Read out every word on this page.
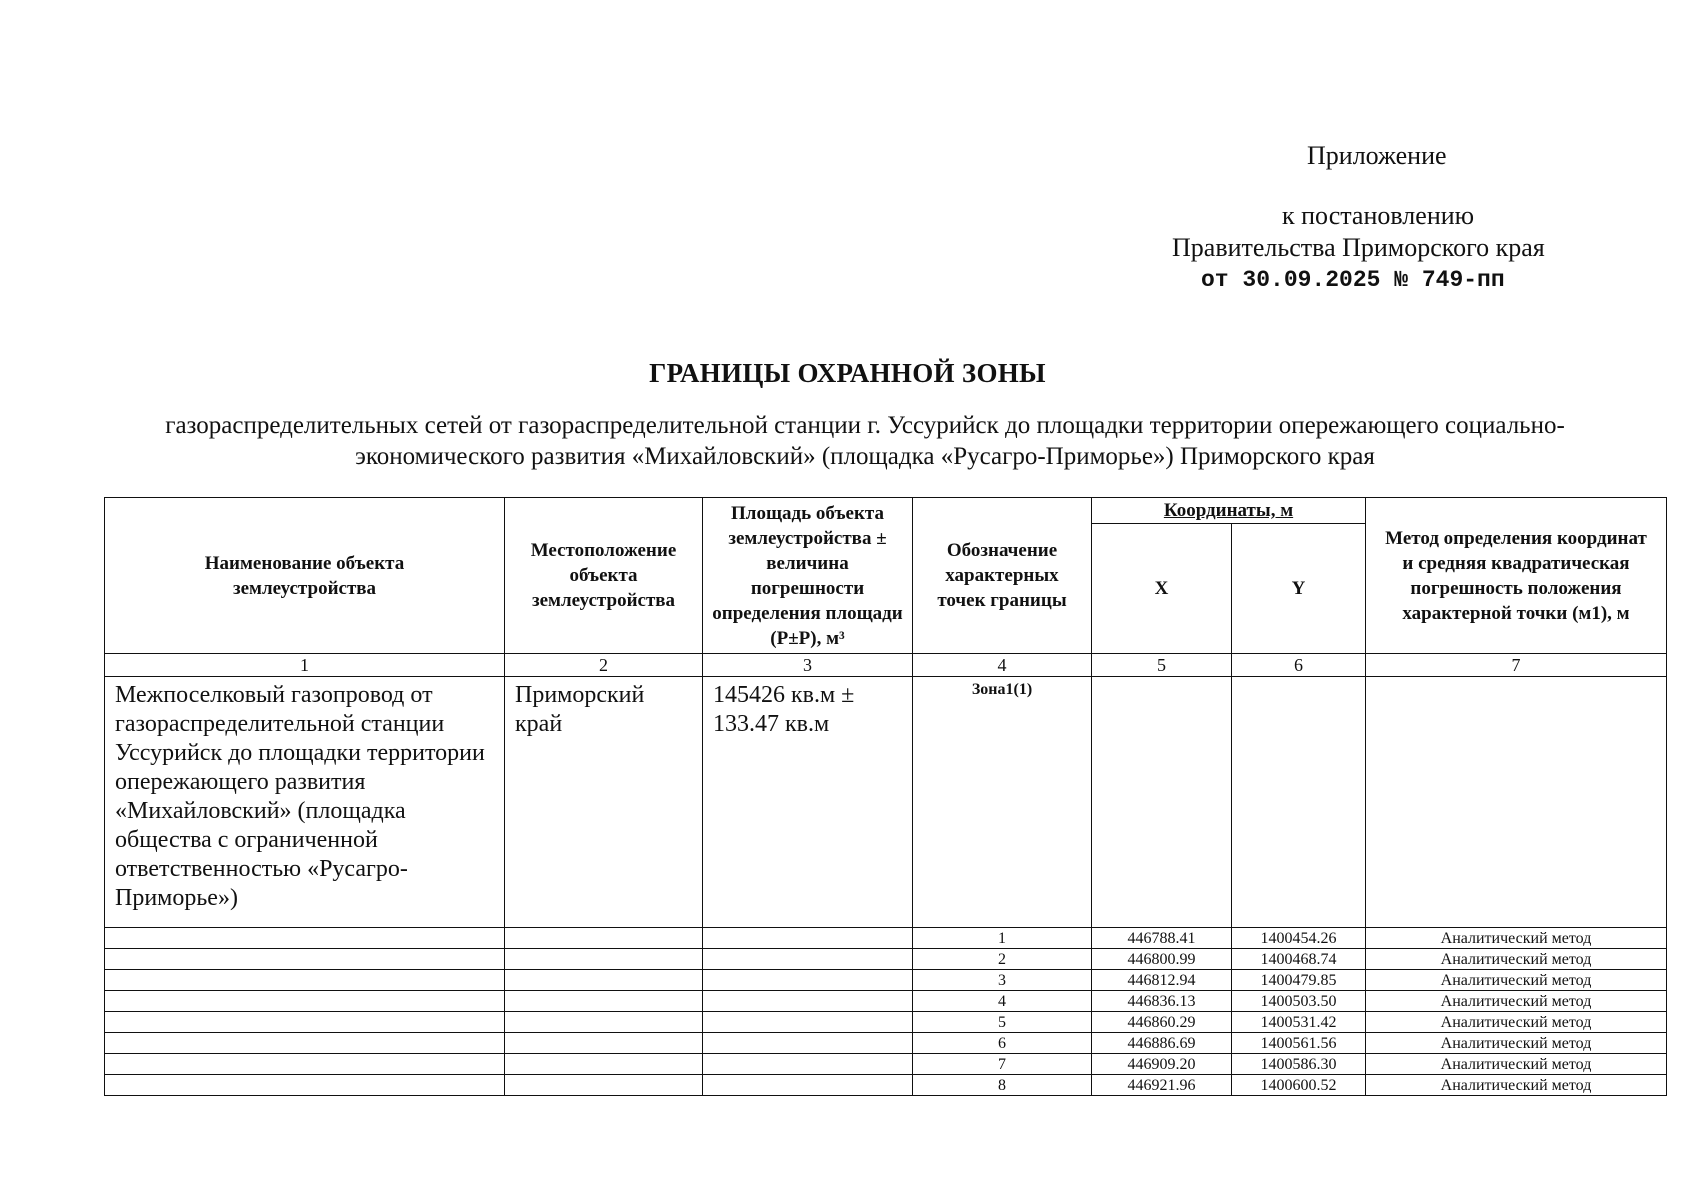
Приложение
к постановлению
Правительства Приморского края
от 30.09.2025 № 749-пп
ГРАНИЦЫ ОХРАННОЙ ЗОНЫ
газораспределительных сетей от газораспределительной станции г. Уссурийск до площадки территории опережающего социально-экономического развития «Михайловский» (площадка «Русагро-Приморье») Приморского края
Наименование объекта землеустройства	Местоположение объекта землеустройства	Площадь объекта землеустройства ± величина погрешности определения площади (P±P), м³	Обозначение характерных точек границы	Координаты, м		Метод определения координат и средняя квадратическая погрешность положения характерной точки (м1), м
				X	Y	
1	2	3	4	5	6	7
Межпоселковый газопровод от газораспределительной станции Уссурийск до площадки территории опережающего развития «Михайловский» (площадка общества с ограниченной ответственностью «Русагро-Приморье»)	Приморский край	145426 кв.м ± 133.47 кв.м	Зона1(1)			
			1	446788.41	1400454.26	Аналитический метод
			2	446800.99	1400468.74	Аналитический метод
			3	446812.94	1400479.85	Аналитический метод
			4	446836.13	1400503.50	Аналитический метод
			5	446860.29	1400531.42	Аналитический метод
			6	446886.69	1400561.56	Аналитический метод
			7	446909.20	1400586.30	Аналитический метод
			8	446921.96	1400600.52	Аналитический метод
